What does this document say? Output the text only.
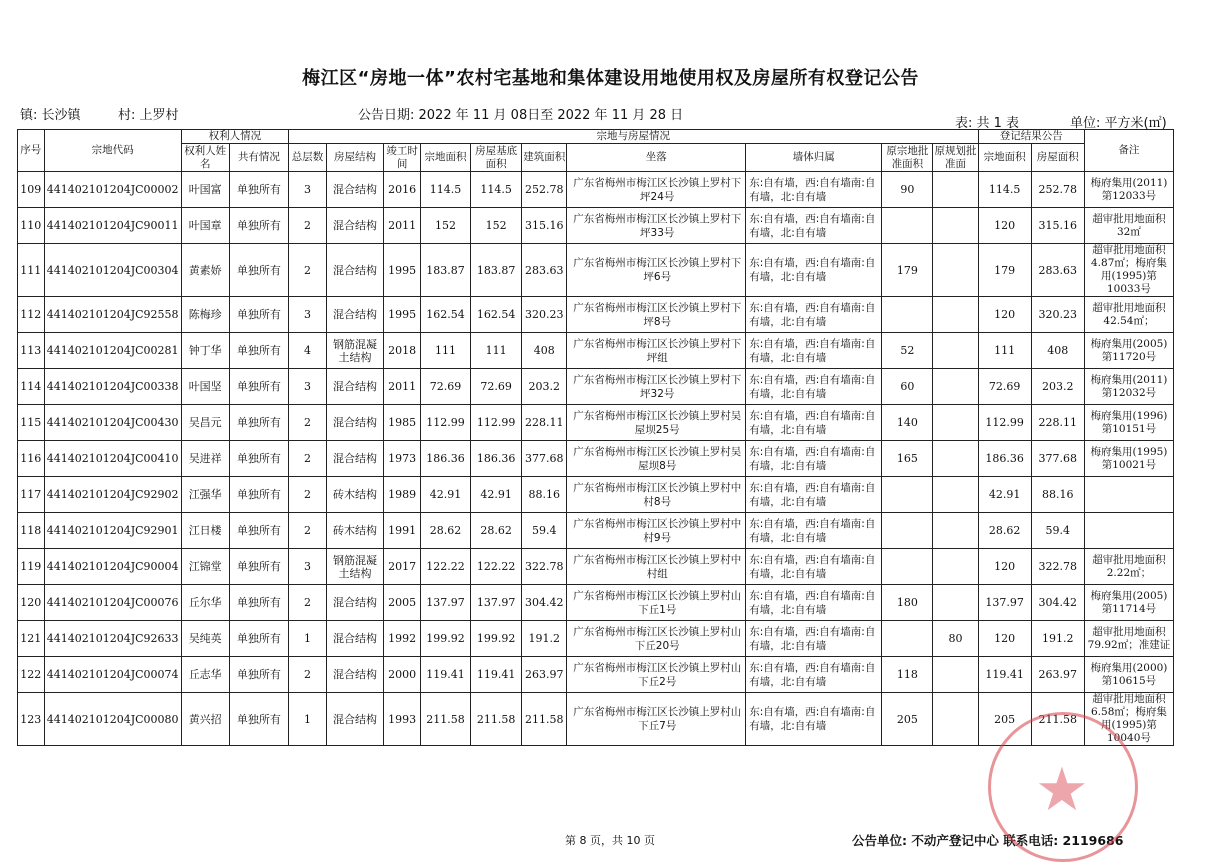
梅江区“房地一体”农村宅基地和集体建设用地使用权及房屋所有权登记公告
镇: 长沙镇	村: 上罗村	公告日期: 2022 年 11 月 08日至 2022 年 11 月 28 日
表: 共 1 表	单位: 平方米(㎡)
序号	宗地代码	权利人情况		宗地与房屋情况										登记结果公告		备注
		权利人姓名	共有情况	总层数	房屋结构	竣工时间	宗地面积	房屋基底面积	建筑面积	坐落	墙体归属	原宗地批准面积	原规划批准面	宗地面积	房屋面积	
109	441402101204JC00002	叶国富	单独所有	3	混合结构	2016	114.5	114.5	252.78	广东省梅州市梅江区长沙镇上罗村下坪24号	东:自有墙，西:自有墙南:自有墙，北:自有墙	90		114.5	252.78	梅府集用(2011)第12033号
110	441402101204JC90011	叶国章	单独所有	2	混合结构	2011	152	152	315.16	广东省梅州市梅江区长沙镇上罗村下坪33号	东:自有墙，西:自有墙南:自有墙，北:自有墙			120	315.16	超审批用地面积32㎡
111	441402101204JC00304	黄素娇	单独所有	2	混合结构	1995	183.87	183.87	283.63	广东省梅州市梅江区长沙镇上罗村下坪6号	东:自有墙，西:自有墙南:自有墙，北:自有墙	179		179	283.63	超审批用地面积4.87㎡；梅府集用(1995)第10033号
112	441402101204JC92558	陈梅珍	单独所有	3	混合结构	1995	162.54	162.54	320.23	广东省梅州市梅江区长沙镇上罗村下坪8号	东:自有墙，西:自有墙南:自有墙，北:自有墙			120	320.23	超审批用地面积42.54㎡；
113	441402101204JC00281	钟丁华	单独所有	4	钢筋混凝土结构	2018	111	111	408	广东省梅州市梅江区长沙镇上罗村下坪组	东:自有墙，西:自有墙南:自有墙，北:自有墙	52		111	408	梅府集用(2005)第11720号
114	441402101204JC00338	叶国坚	单独所有	3	混合结构	2011	72.69	72.69	203.2	广东省梅州市梅江区长沙镇上罗村下坪32号	东:自有墙，西:自有墙南:自有墙，北:自有墙	60		72.69	203.2	梅府集用(2011)第12032号
115	441402101204JC00430	吴昌元	单独所有	2	混合结构	1985	112.99	112.99	228.11	广东省梅州市梅江区长沙镇上罗村吴屋坝25号	东:自有墙，西:自有墙南:自有墙，北:自有墙	140		112.99	228.11	梅府集用(1996)第10151号
116	441402101204JC00410	吴进祥	单独所有	2	混合结构	1973	186.36	186.36	377.68	广东省梅州市梅江区长沙镇上罗村吴屋坝8号	东:自有墙，西:自有墙南:自有墙，北:自有墙	165		186.36	377.68	梅府集用(1995)第10021号
117	441402101204JC92902	江强华	单独所有	2	砖木结构	1989	42.91	42.91	88.16	广东省梅州市梅江区长沙镇上罗村中村8号	东:自有墙，西:自有墙南:自有墙，北:自有墙			42.91	88.16	
118	441402101204JC92901	江日楼	单独所有	2	砖木结构	1991	28.62	28.62	59.4	广东省梅州市梅江区长沙镇上罗村中村9号	东:自有墙，西:自有墙南:自有墙，北:自有墙			28.62	59.4	
119	441402101204JC90004	江锦堂	单独所有	3	钢筋混凝土结构	2017	122.22	122.22	322.78	广东省梅州市梅江区长沙镇上罗村中村组	东:自有墙，西:自有墙南:自有墙，北:自有墙			120	322.78	超审批用地面积2.22㎡；
120	441402101204JC00076	丘尔华	单独所有	2	混合结构	2005	137.97	137.97	304.42	广东省梅州市梅江区长沙镇上罗村山下丘1号	东:自有墙，西:自有墙南:自有墙，北:自有墙	180		137.97	304.42	梅府集用(2005)第11714号
121	441402101204JC92633	吴纯英	单独所有	1	混合结构	1992	199.92	199.92	191.2	广东省梅州市梅江区长沙镇上罗村山下丘20号	东:自有墙，西:自有墙南:自有墙，北:自有墙		80	120	191.2	超审批用地面积79.92㎡；准建证
122	441402101204JC00074	丘志华	单独所有	2	混合结构	2000	119.41	119.41	263.97	广东省梅州市梅江区长沙镇上罗村山下丘2号	东:自有墙，西:自有墙南:自有墙，北:自有墙	118		119.41	263.97	梅府集用(2000)第10615号
123	441402101204JC00080	黄兴招	单独所有	1	混合结构	1993	211.58	211.58	211.58	广东省梅州市梅江区长沙镇上罗村山下丘7号	东:自有墙，西:自有墙南:自有墙，北:自有墙	205		205	211.58	超审批用地面积6.58㎡；梅府集用(1995)第10040号
第 8 页，共 10 页	公告单位: 不动产登记中心 联系电话: 2119686
★
